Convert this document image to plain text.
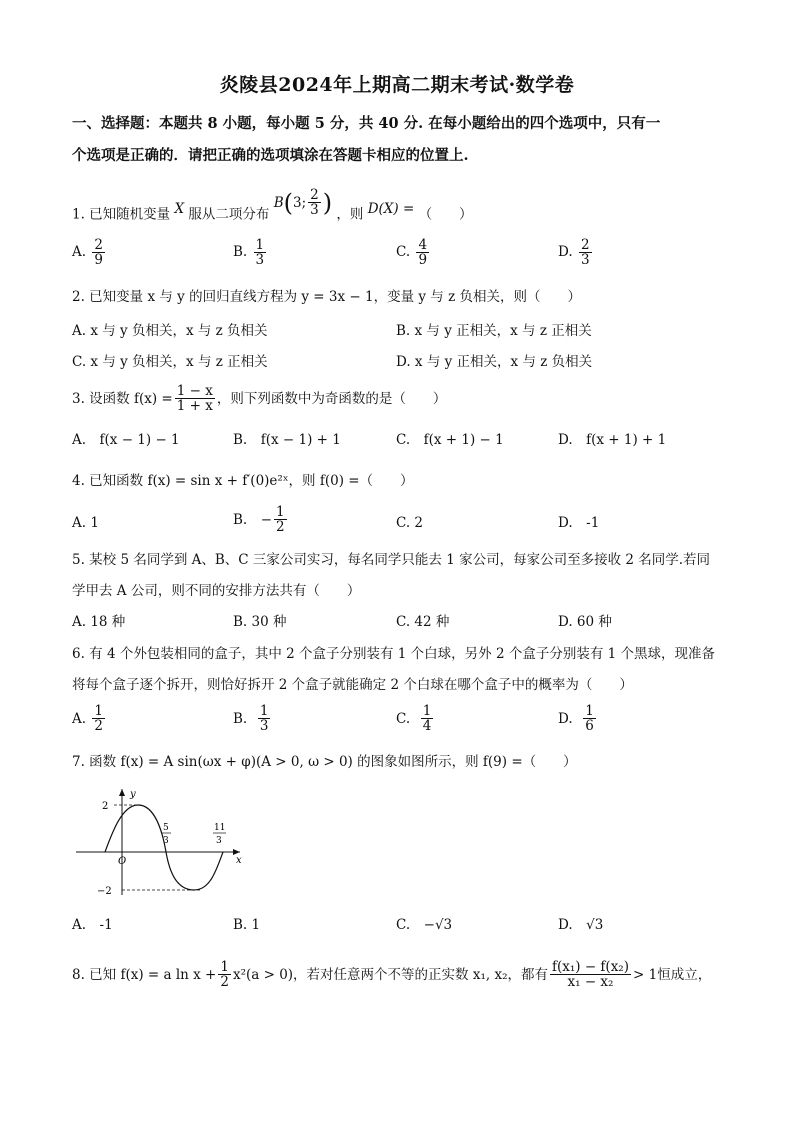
炎陵县2024年上期高二期末考试·数学卷
一、选择题：本题共 8 小题，每小题 5 分，共 40 分. 在每小题给出的四个选项中，只有一
个选项是正确的．请把正确的选项填涂在答题卡相应的位置上.
1. 已知随机变量 X 服从二项分布
B ( 3; $\frac{2}{3}$ ) ，则 D(X) = （　　）
A. $\frac{2}{9}$	B. $\frac{1}{3}$	C. $\frac{4}{9}$	D. $\frac{2}{3}$
2. 已知变量 x 与 y 的回归直线方程为 y = 3x − 1，变量 y 与 z 负相关，则（　　）
A. x 与 y 负相关，x 与 z 负相关	B. x 与 y 正相关，x 与 z 正相关
C. x 与 y 负相关，x 与 z 正相关	D. x 与 y 正相关，x 与 z 负相关
3. 设函数 $f(x) = \frac{1 - x}{1 + x}$ ，则下列函数中为奇函数的是（　　）
A.　f(x − 1) − 1	B.　f(x − 1) + 1	C.　f(x + 1) − 1	D.　f(x + 1) + 1
4. 已知函数 f(x) = sin x + f′(0)e²ˣ，则 f(0) =（　　）
A. 1	B.　− $\frac{1}{2}$	C. 2	D.　-1
5. 某校 5 名同学到 A、B、C 三家公司实习，每名同学只能去 1 家公司，每家公司至多接收 2 名同学.若同
学甲去 A 公司，则不同的安排方法共有（　　）
A. 18 种	B. 30 种	C. 42 种	D. 60 种
6. 有 4 个外包装相同的盒子，其中 2 个盒子分别装有 1 个白球，另外 2 个盒子分别装有 1 个黑球，现准备
将每个盒子逐个拆开，则恰好拆开 2 个盒子就能确定 2 个白球在哪个盒子中的概率为（　　）
A.
$\frac{1}{2}$	B.
$\frac{1}{3}$	C.
$\frac{1}{4}$	D.
$\frac{1}{6}$
7. 函数 f(x) = A sin(ωx + φ)(A > 0, ω > 0) 的图象如图所示，则 f(9) =（　　）
y
x
O
2
−2
5
3
11
3
A.　-1	B. 1	C.　−√3	D.　√3
8. 已知 f(x) = a $\ln x + \frac{1}{2} x^2(a > 0)$，若对任意两个不等的正实数 x₁, x₂，都有 $\frac{\text{f(x₁) − f(x₂)}}{\text{x₁ − x₂}} > 1$恒成立，
